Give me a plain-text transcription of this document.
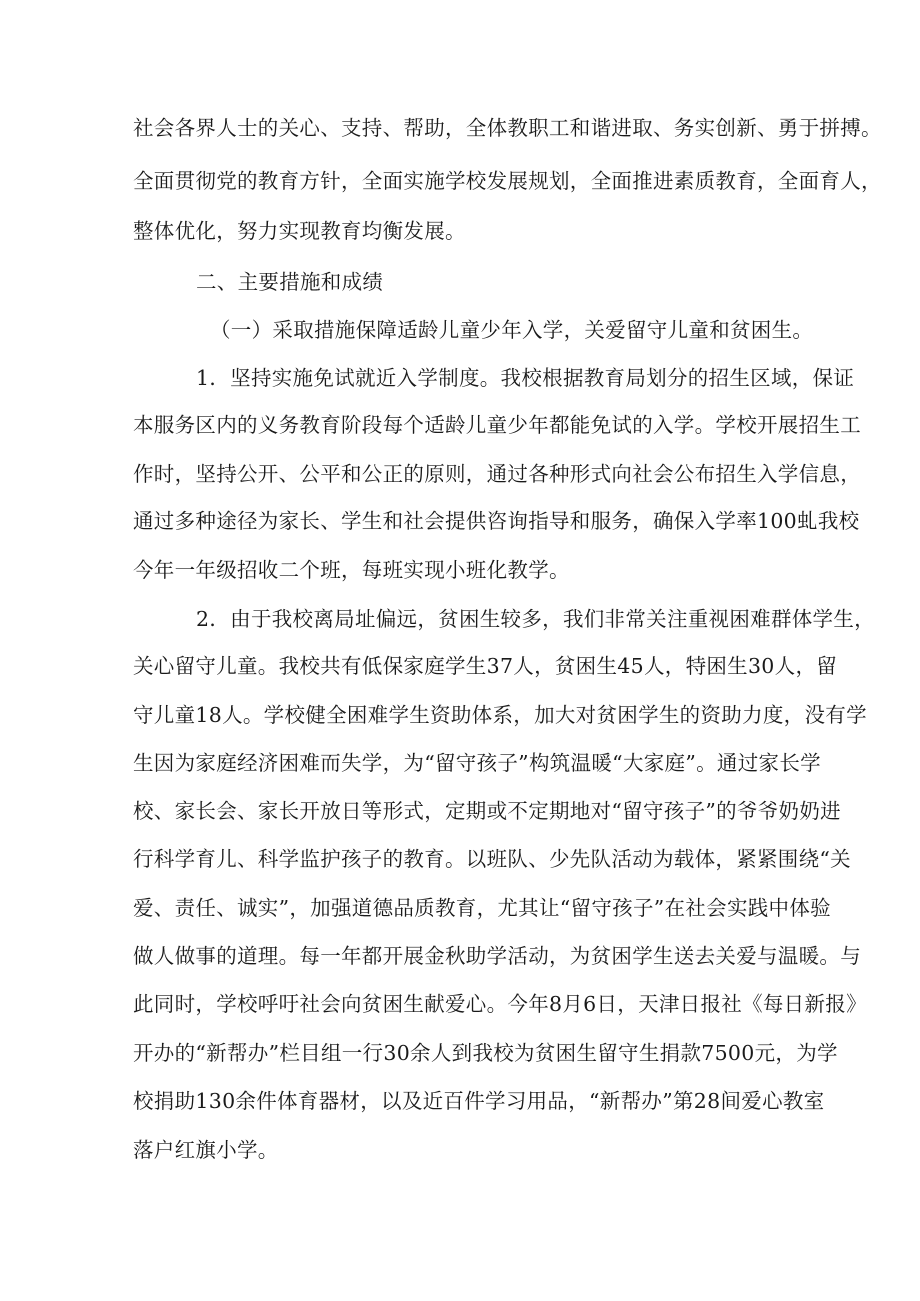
社会各界人士的关心、支持、帮助，全体教职工和谐进取、务实创新、勇于拼搏。
全面贯彻党的教育方针，全面实施学校发展规划，全面推进素质教育，全面育人，
整体优化，努力实现教育均衡发展。
二、主要措施和成绩
（一）采取措施保障适龄儿童少年入学，关爱留守儿童和贫困生。
1．坚持实施免试就近入学制度。我校根据教育局划分的招生区域，保证
本服务区内的义务教育阶段每个适龄儿童少年都能免试的入学。学校开展招生工
作时，坚持公开、公平和公正的原则，通过各种形式向社会公布招生入学信息，
通过多种途径为家长、学生和社会提供咨询指导和服务，确保入学率100虬我校
今年一年级招收二个班，每班实现小班化教学。
2．由于我校离局址偏远，贫困生较多，我们非常关注重视困难群体学生，
关心留守儿童。我校共有低保家庭学生37人，贫困生45人，特困生30人，留
守儿童18人。学校健全困难学生资助体系，加大对贫困学生的资助力度，没有学
生因为家庭经济困难而失学，为“留守孩子”构筑温暖“大家庭”。通过家长学
校、家长会、家长开放日等形式，定期或不定期地对“留守孩子”的爷爷奶奶进
行科学育儿、科学监护孩子的教育。以班队、少先队活动为载体，紧紧围绕“关
爱、责任、诚实”，加强道德品质教育，尤其让“留守孩子”在社会实践中体验
做人做事的道理。每一年都开展金秋助学活动，为贫困学生送去关爱与温暖。与
此同时，学校呼吁社会向贫困生献爱心。今年8月6日，天津日报社《每日新报》
开办的“新帮办”栏目组一行30余人到我校为贫困生留守生捐款7500元，为学
校捐助130余件体育器材，以及近百件学习用品，“新帮办”第28间爱心教室
落户红旗小学。
